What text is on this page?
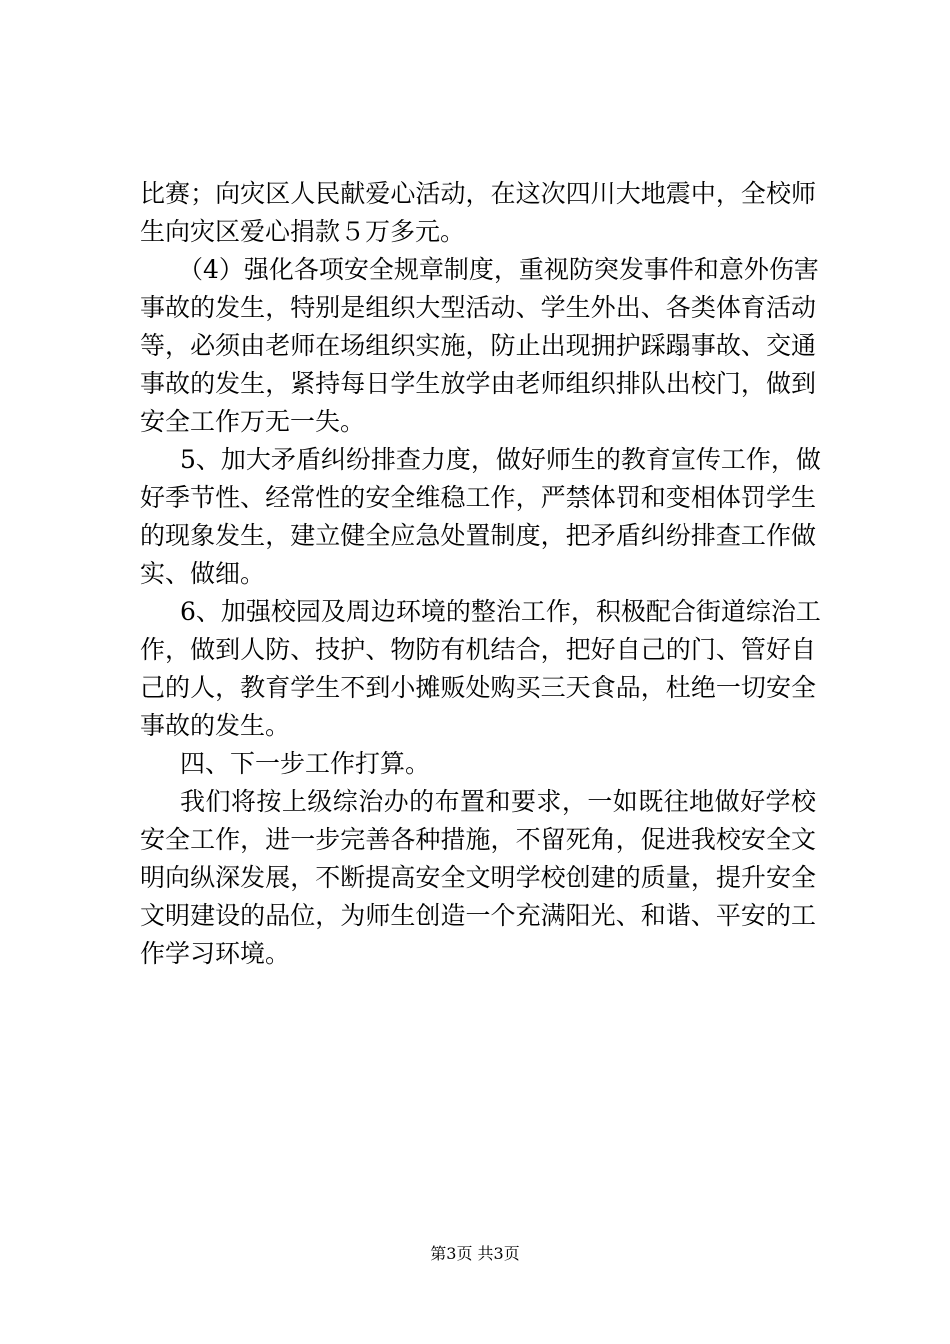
比赛；向灾区人民献爱心活动，在这次四川大地震中，全校师
生向灾区爱心捐款５万多元。
（4）强化各项安全规章制度，重视防突发事件和意外伤害
事故的发生，特别是组织大型活动、学生外出、各类体育活动
等，必须由老师在场组织实施，防止出现拥护踩蹋事故、交通
事故的发生，紧持每日学生放学由老师组织排队出校门，做到
安全工作万无一失。
5、加大矛盾纠纷排查力度，做好师生的教育宣传工作，做
好季节性、经常性的安全维稳工作，严禁体罚和变相体罚学生
的现象发生，建立健全应急处置制度，把矛盾纠纷排查工作做
实、做细。
6、加强校园及周边环境的整治工作，积极配合街道综治工
作，做到人防、技护、物防有机结合，把好自己的门、管好自
己的人，教育学生不到小摊贩处购买三天食品，杜绝一切安全
事故的发生。
四、下一步工作打算。
我们将按上级综治办的布置和要求，一如既往地做好学校
安全工作，进一步完善各种措施，不留死角，促进我校安全文
明向纵深发展，不断提高安全文明学校创建的质量，提升安全
文明建设的品位，为师生创造一个充满阳光、和谐、平安的工
作学习环境。
第3页 共3页
